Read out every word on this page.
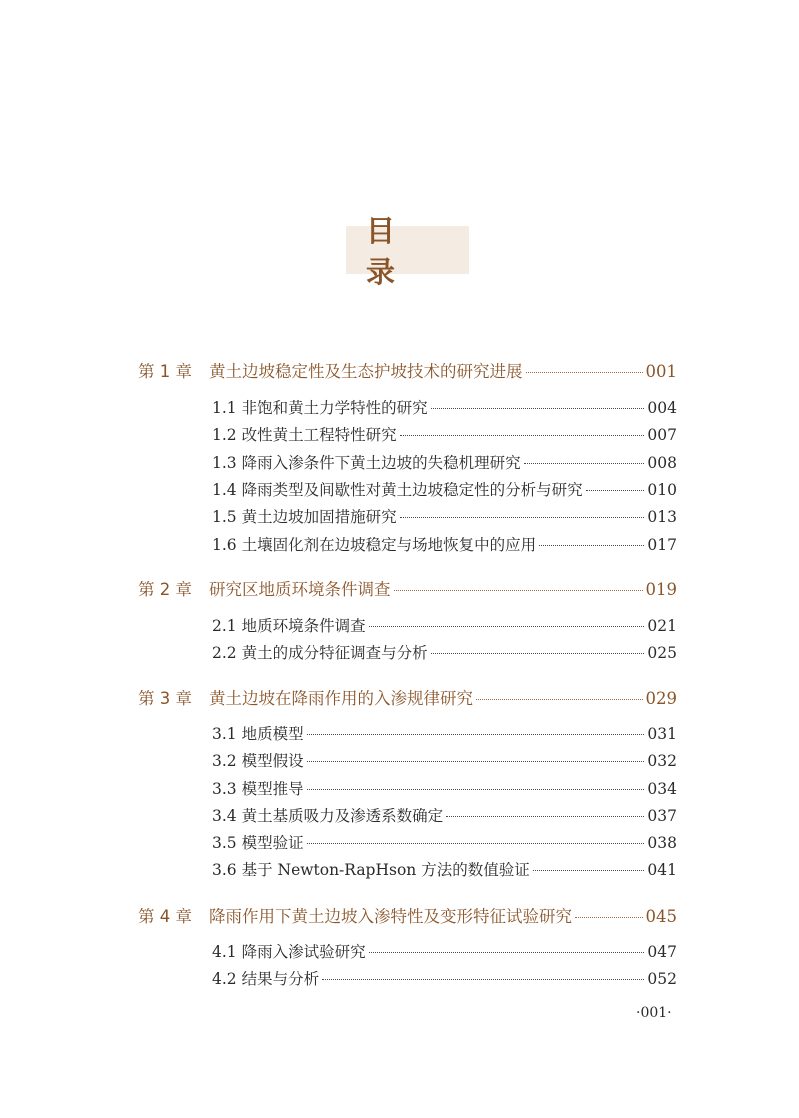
目 录
第 1 章	黄土边坡稳定性及生态护坡技术的研究进展	001
1.1 非饱和黄土力学特性的研究	004
1.2 改性黄土工程特性研究	007
1.3 降雨入渗条件下黄土边坡的失稳机理研究	008
1.4 降雨类型及间歇性对黄土边坡稳定性的分析与研究	010
1.5 黄土边坡加固措施研究	013
1.6 土壤固化剂在边坡稳定与场地恢复中的应用	017
第 2 章	研究区地质环境条件调查	019
2.1 地质环境条件调查	021
2.2 黄土的成分特征调查与分析	025
第 3 章	黄土边坡在降雨作用的入渗规律研究	029
3.1 地质模型	031
3.2 模型假设	032
3.3 模型推导	034
3.4 黄土基质吸力及渗透系数确定	037
3.5 模型验证	038
3.6 基于 Newton-RapHson 方法的数值验证	041
第 4 章	降雨作用下黄土边坡入渗特性及变形特征试验研究	045
4.1 降雨入渗试验研究	047
4.2 结果与分析	052
·001·
